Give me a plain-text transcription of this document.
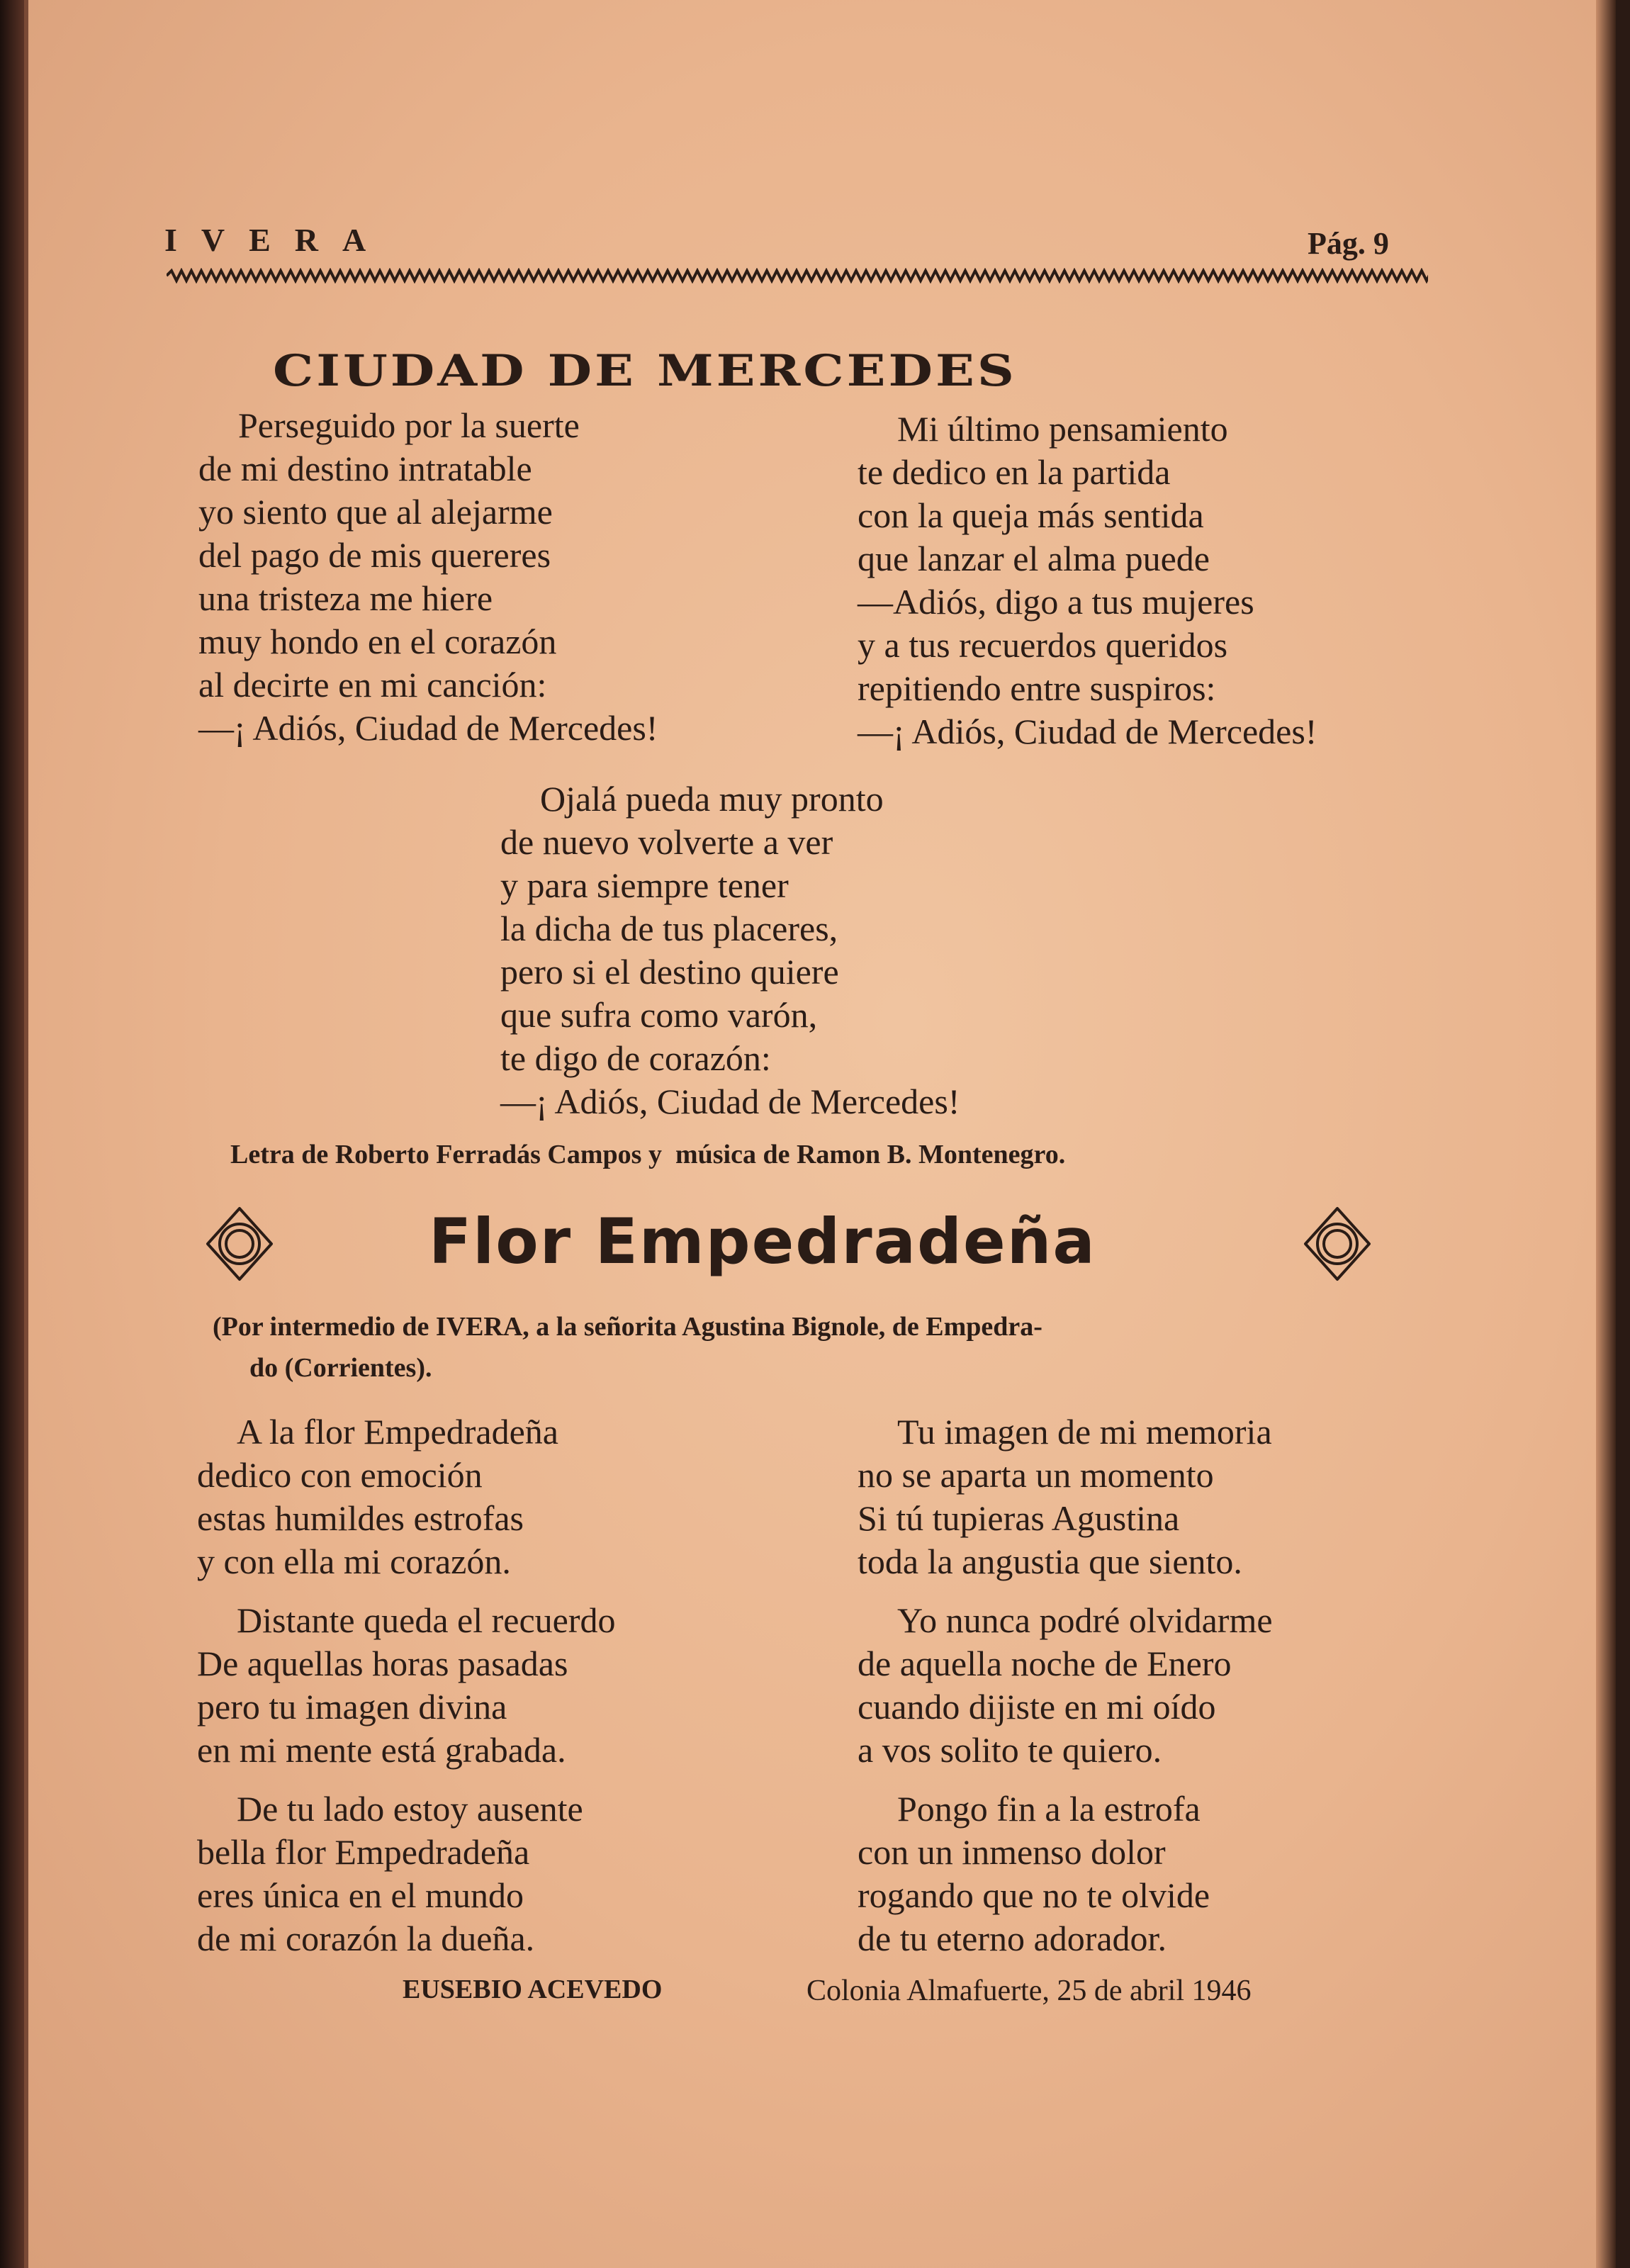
IVERA	Pág. 9
CIUDAD DE MERCEDES
Perseguido por la suerte
de mi destino intratable
yo siento que al alejarme
del pago de mis quereres
una tristeza me hiere
muy hondo en el corazón
al decirte en mi canción:
—¡ Adiós, Ciudad de Mercedes!
Mi último pensamiento
te dedico en la partida
con la queja más sentida
que lanzar el alma puede
—Adiós, digo a tus mujeres
y a tus recuerdos queridos
repitiendo entre suspiros:
—¡ Adiós, Ciudad de Mercedes!
Ojalá pueda muy pronto
de nuevo volverte a ver
y para siempre tener
la dicha de tus placeres,
pero si el destino quiere
que sufra como varón,
te digo de corazón:
—¡ Adiós, Ciudad de Mercedes!
Letra de Roberto Ferradás Campos y  música de Ramon B. Montenegro.
Flor Empedradeña
(Por intermedio de IVERA, a la señorita Agustina Bignole, de Empedra-
do (Corrientes).
A la flor Empedradeña
dedico con emoción
estas humildes estrofas
y con ella mi corazón.
Distante queda el recuerdo
De aquellas horas pasadas
pero tu imagen divina
en mi mente está grabada.
De tu lado estoy ausente
bella flor Empedradeña
eres única en el mundo
de mi corazón la dueña.
Tu imagen de mi memoria
no se aparta un momento
Si tú tupieras Agustina
toda la angustia que siento.
Yo nunca podré olvidarme
de aquella noche de Enero
cuando dijiste en mi oído
a vos solito te quiero.
Pongo fin a la estrofa
con un inmenso dolor
rogando que no te olvide
de tu eterno adorador.
EUSEBIO ACEVEDO	Colonia Almafuerte, 25 de abril 1946
